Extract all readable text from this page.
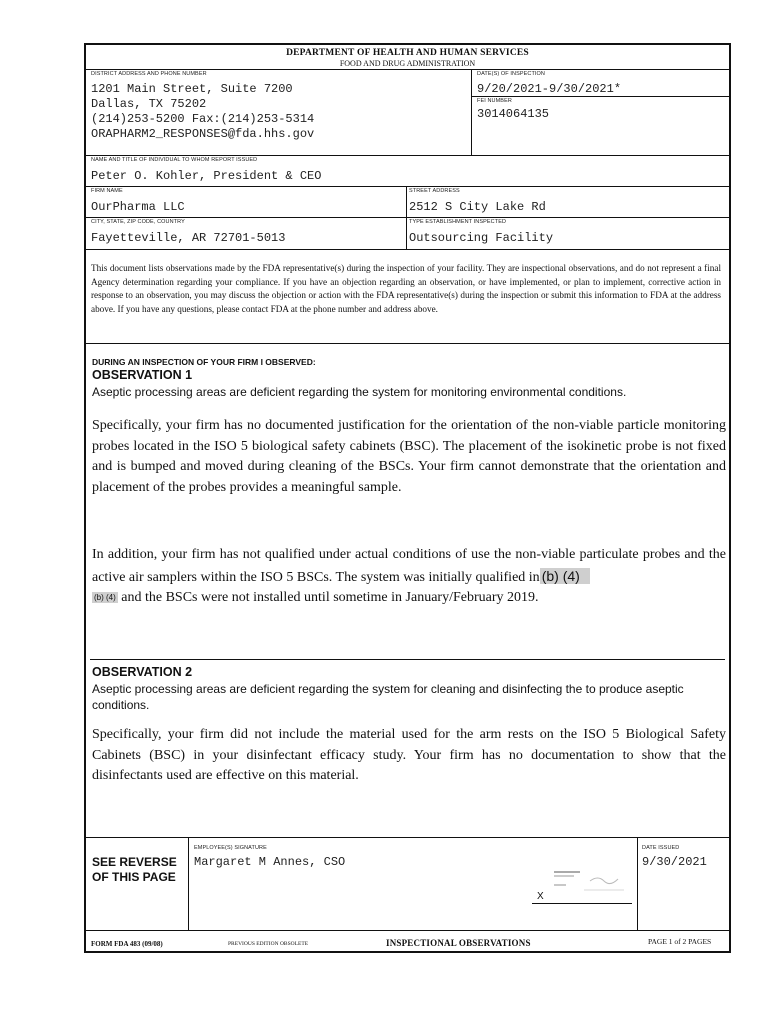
DEPARTMENT OF HEALTH AND HUMAN SERVICES
FOOD AND DRUG ADMINISTRATION
DISTRICT ADDRESS AND PHONE NUMBER
1201 Main Street, Suite 7200
Dallas, TX 75202
(214)253-5200 Fax:(214)253-5314
ORAPHARM2_RESPONSES@fda.hhs.gov
DATE(S) OF INSPECTION
9/20/2021-9/30/2021*
FEI NUMBER
3014064135
NAME AND TITLE OF INDIVIDUAL TO WHOM REPORT ISSUED
Peter O. Kohler, President & CEO
FIRM NAME
OurPharma LLC
STREET ADDRESS
2512 S City Lake Rd
CITY, STATE, ZIP CODE, COUNTRY
Fayetteville, AR 72701-5013
TYPE ESTABLISHMENT INSPECTED
Outsourcing Facility
This document lists observations made by the FDA representative(s) during the inspection of your facility. They are inspectional observations, and do not represent a final Agency determination regarding your compliance. If you have an objection regarding an observation, or have implemented, or plan to implement, corrective action in response to an observation, you may discuss the objection or action with the FDA representative(s) during the inspection or submit this information to FDA at the address above. If you have any questions, please contact FDA at the phone number and address above.
DURING AN INSPECTION OF YOUR FIRM I OBSERVED:
OBSERVATION 1
Aseptic processing areas are deficient regarding the system for monitoring environmental conditions.
Specifically, your firm has no documented justification for the orientation of the non-viable particle monitoring probes located in the ISO 5 biological safety cabinets (BSC). The placement of the isokinetic probe is not fixed and is bumped and moved during cleaning of the BSCs. Your firm cannot demonstrate that the orientation and placement of the probes provides a meaningful sample.
In addition, your firm has not qualified under actual conditions of use the non-viable particulate probes and the active air samplers within the ISO 5 BSCs. The system was initially qualified in (b) (4)
$^{(b) (4)}$ and the BSCs were not installed until sometime in January/February 2019.
OBSERVATION 2
Aseptic processing areas are deficient regarding the system for cleaning and disinfecting the to produce aseptic conditions.
Specifically, your firm did not include the material used for the arm rests on the ISO 5 Biological Safety Cabinets (BSC) in your disinfectant efficacy study. Your firm has no documentation to show that the disinfectants used are effective on this material.
SEE REVERSE OF THIS PAGE
EMPLOYEE(S) SIGNATURE
Margaret M Annes, CSO
X
DATE ISSUED
9/30/2021
FORM FDA 483 (09/08)	PREVIOUS EDITION OBSOLETE	INSPECTIONAL OBSERVATIONS	PAGE 1 of 2 PAGES
